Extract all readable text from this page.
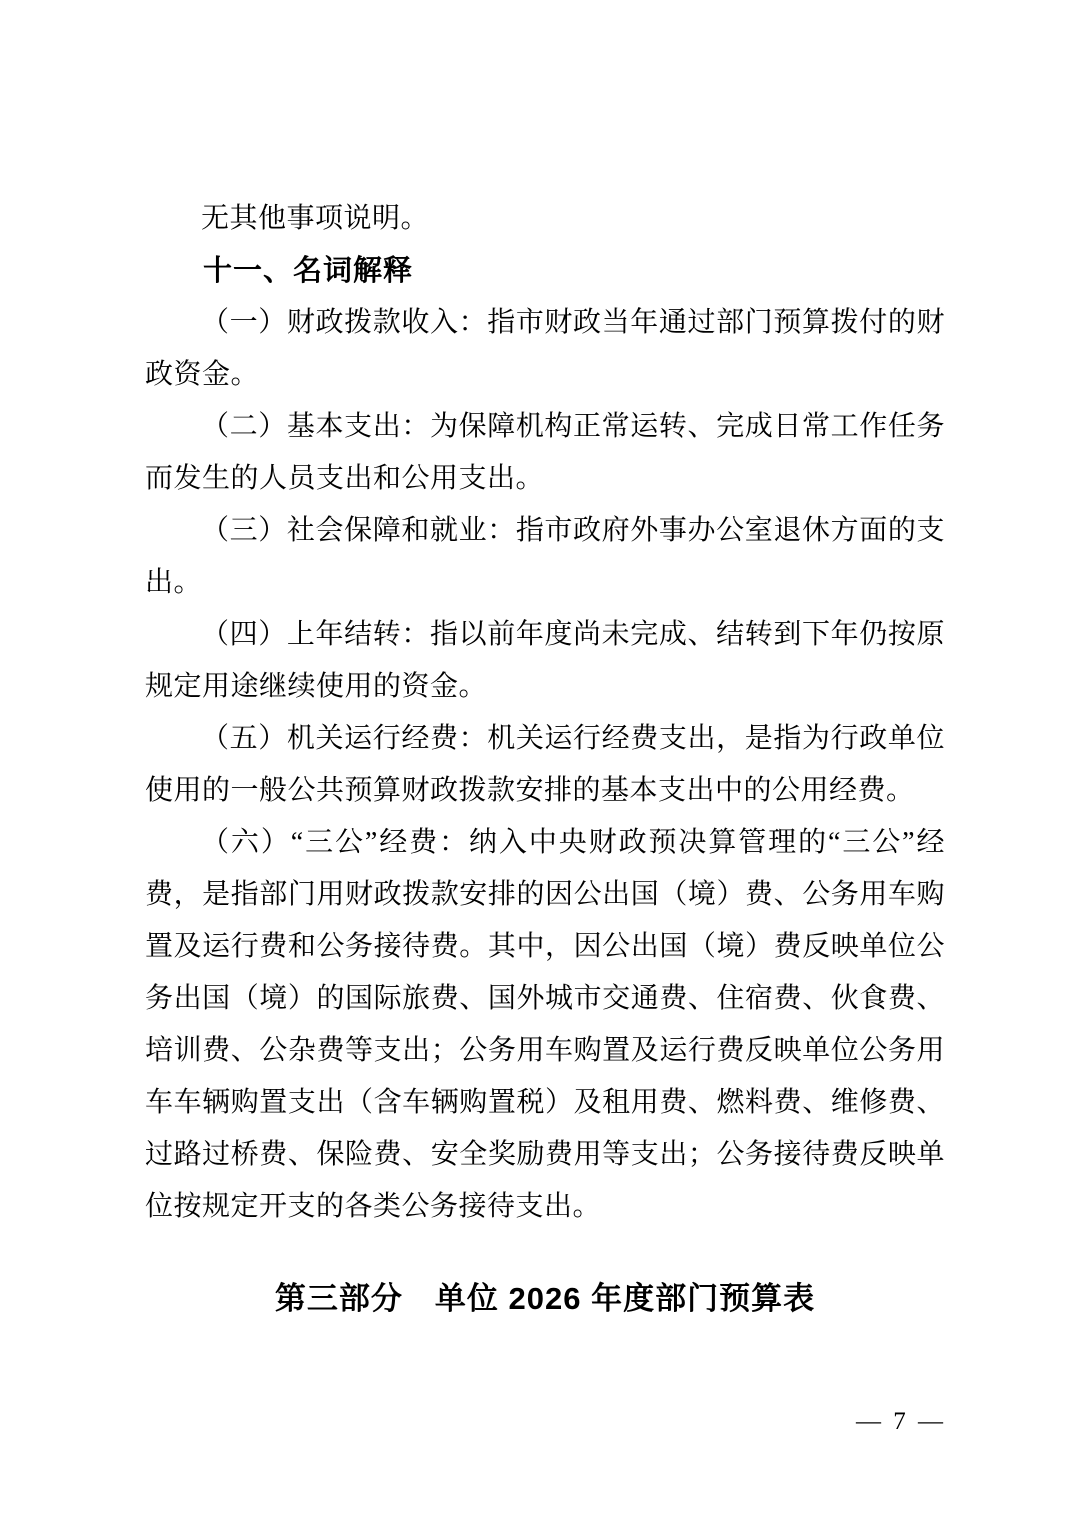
无其他事项说明。

十一、名词解释

（一）财政拨款收入：指市财政当年通过部门预算拨付的财政资金。

（二）基本支出：为保障机构正常运转、完成日常工作任务而发生的人员支出和公用支出。

（三）社会保障和就业：指市政府外事办公室退休方面的支出。

（四）上年结转：指以前年度尚未完成、结转到下年仍按原规定用途继续使用的资金。

（五）机关运行经费：机关运行经费支出，是指为行政单位使用的一般公共预算财政拨款安排的基本支出中的公用经费。

（六）“三公”经费：纳入中央财政预决算管理的“三公”经费，是指部门用财政拨款安排的因公出国（境）费、公务用车购置及运行费和公务接待费。其中，因公出国（境）费反映单位公务出国（境）的国际旅费、国外城市交通费、住宿费、伙食费、培训费、公杂费等支出；公务用车购置及运行费反映单位公务用车车辆购置支出（含车辆购置税）及租用费、燃料费、维修费、过路过桥费、保险费、安全奖励费用等支出；公务接待费反映单位按规定开支的各类公务接待支出。

第三部分　单位 2026 年度部门预算表
— 7 —
